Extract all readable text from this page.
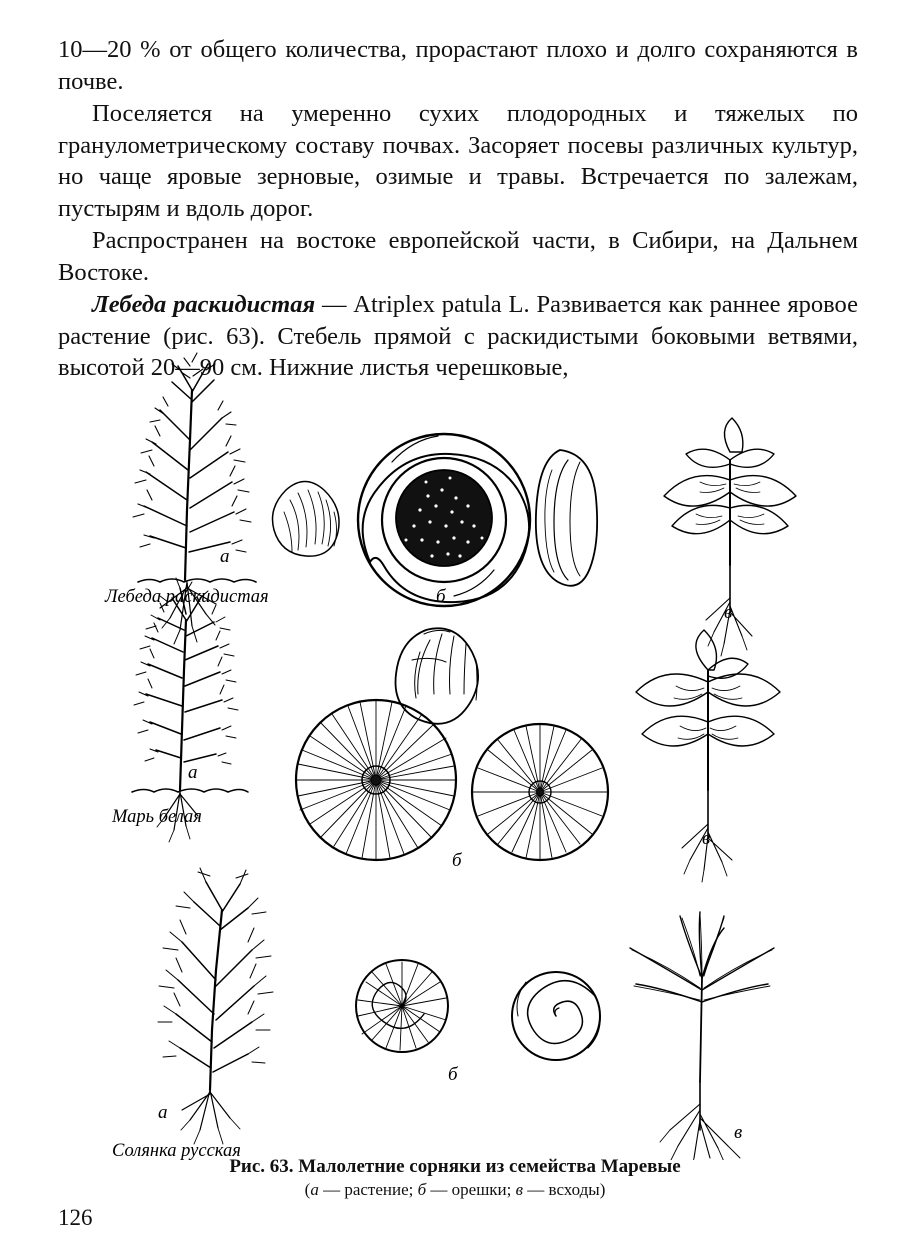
10—20 % от общего количества, прорастают плохо и долго сохраняются в почве.

Поселяется на умеренно сухих плодородных и тяжелых по гранулометрическому составу почвах. Засоряет посевы различных культур, но чаще яровые зерновые, озимые и травы. Встречается по залежам, пустырям и вдоль дорог.

Распространен на востоке европейской части, в Сибири, на Дальнем Востоке.

Лебеда раскидистая — Atriplex patula L. Развивается как раннее яровое растение (рис. 63). Стебель прямой с раскидистыми боковыми ветвями, высотой 20—90 см. Нижние листья черешковые,

а
Лебеда раскидистая	б
в
а
Марь белая
б
в
а
Солянка русская
б
в
Рис. 63. Малолетние сорняки из семейства Маревые
(а — растение; б — орешки; в — всходы)
126
